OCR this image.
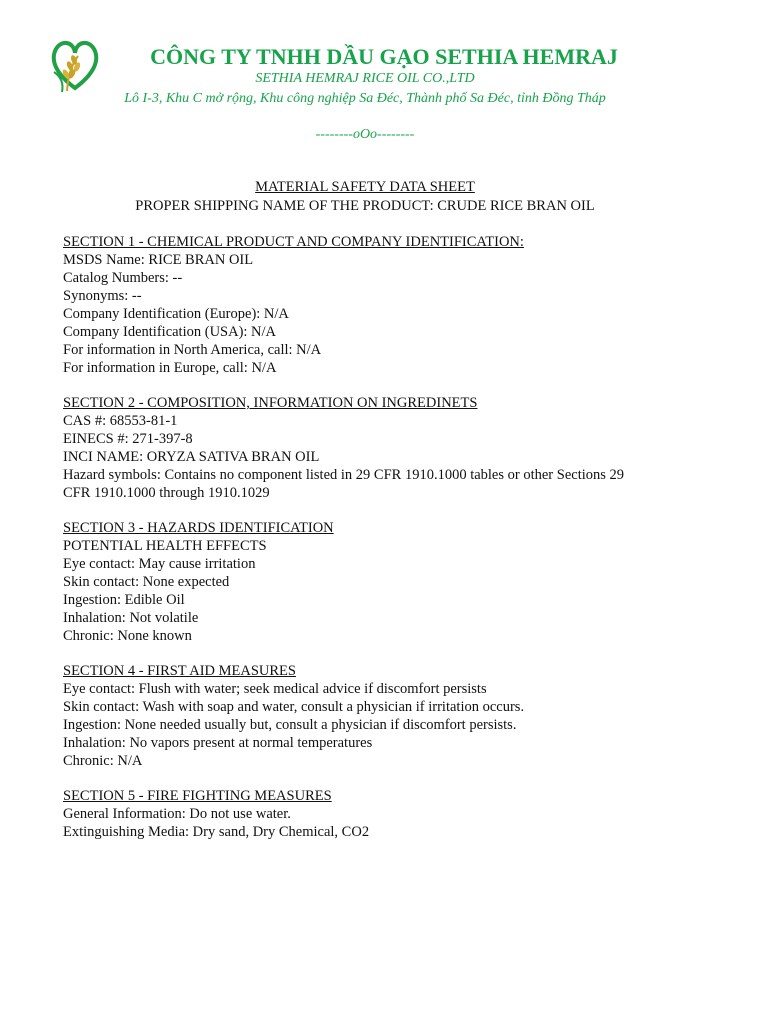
CÔNG TY TNHH DẦU GẠO SETHIA HEMRAJ
SETHIA HEMRAJ RICE OIL CO.,LTD
Lô I-3, Khu C mở rộng, Khu công nghiệp Sa Đéc, Thành phố Sa Đéc, tỉnh Đồng Tháp
--------oOo--------
MATERIAL SAFETY DATA SHEET
PROPER SHIPPING NAME OF THE PRODUCT: CRUDE RICE BRAN OIL
SECTION 1 - CHEMICAL PRODUCT AND COMPANY IDENTIFICATION:
MSDS Name: RICE BRAN OIL
Catalog Numbers: --
Synonyms: --
Company Identification (Europe): N/A
Company Identification (USA): N/A
For information in North America, call: N/A
For information in Europe, call: N/A
SECTION 2 - COMPOSITION, INFORMATION ON INGREDINETS
CAS #: 68553-81-1
EINECS #: 271-397-8
INCI NAME: ORYZA SATIVA BRAN OIL
Hazard symbols: Contains no component listed in 29 CFR 1910.1000 tables or other Sections 29
CFR 1910.1000 through 1910.1029
SECTION 3 - HAZARDS IDENTIFICATION
POTENTIAL HEALTH EFFECTS
Eye contact: May cause irritation
Skin contact: None expected
Ingestion: Edible Oil
Inhalation: Not volatile
Chronic: None known
SECTION 4 - FIRST AID MEASURES
Eye contact: Flush with water; seek medical advice if discomfort persists
Skin contact: Wash with soap and water, consult a physician if irritation occurs.
Ingestion: None needed usually but, consult a physician if discomfort persists.
Inhalation: No vapors present at normal temperatures
Chronic: N/A
SECTION 5 - FIRE FIGHTING MEASURES
General Information: Do not use water.
Extinguishing Media: Dry sand, Dry Chemical, CO2
